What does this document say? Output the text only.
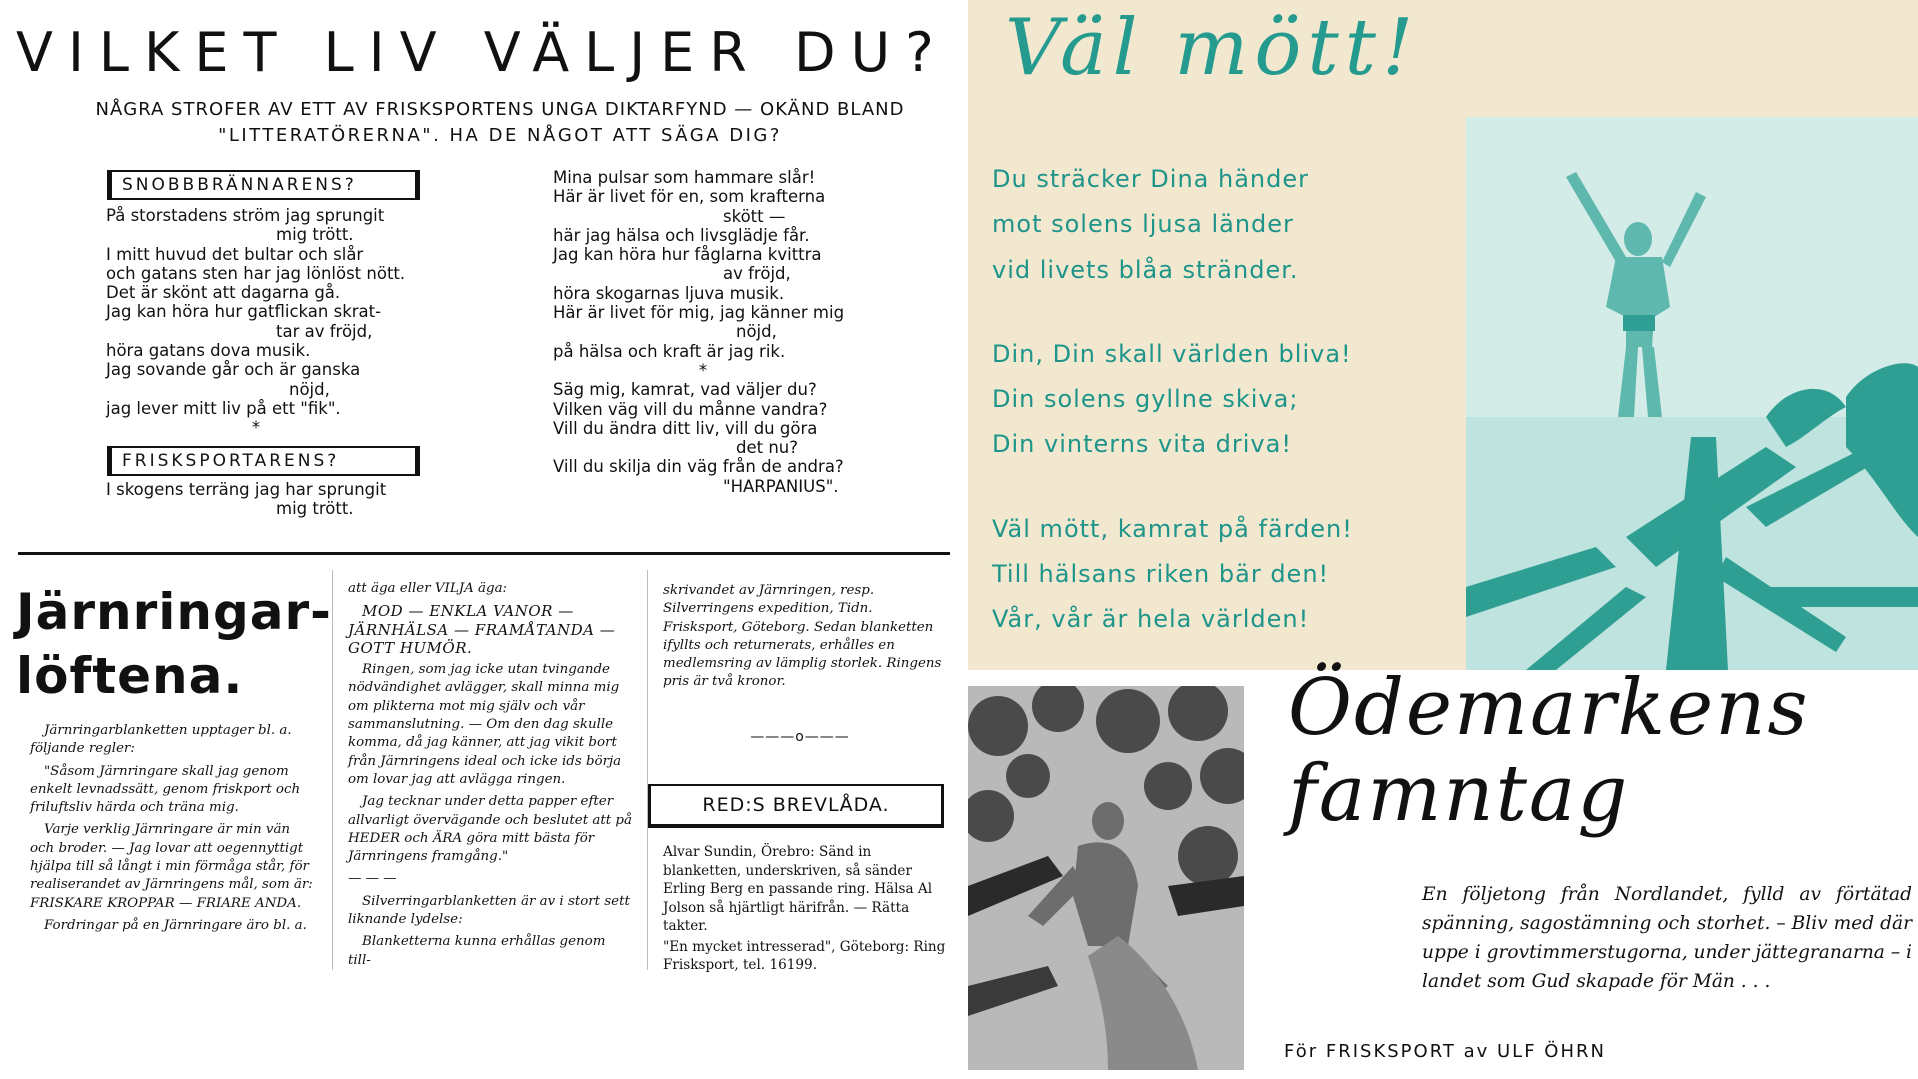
VILKET LIV VÄLJER DU?
NÅGRA STROFER AV ETT AV FRISKSPORTENS UNGA DIKTARFYND — OKÄND BLAND
"LITTERATÖRERNA". HA DE NÅGOT ATT SÄGA DIG?
SNOBBBRÄNNARENS?
På storstadens ström jag sprungit
mig trött.
I mitt huvud det bultar och slår
och gatans sten har jag lönlöst nött.
Det är skönt att dagarna gå.
Jag kan höra hur gatflickan skrat-
tar av fröjd,
höra gatans dova musik.
Jag sovande går och är ganska
nöjd,
jag lever mitt liv på ett "fik".
*
FRISKSPORTARENS?
I skogens terräng jag har sprungit
mig trött.
Mina pulsar som hammare slår!
Här är livet för en, som krafterna
skött —
här jag hälsa och livsglädje får.
Jag kan höra hur fåglarna kvittra
av fröjd,
höra skogarnas ljuva musik.
Här är livet för mig, jag känner mig
nöjd,
på hälsa och kraft är jag rik.
*
Säg mig, kamrat, vad väljer du?
Vilken väg vill du månne vandra?
Vill du ändra ditt liv, vill du göra
det nu?
Vill du skilja din väg från de andra?
"HARPANIUS".
Järnringar-
löftena.

Järnringarblanketten upptager bl. a. följande regler:

"Såsom Järnringare skall jag genom enkelt levnadssätt, genom friskport och friluftsliv härda och träna mig.

Varje verklig Järnringare är min vän och broder. — Jag lovar att oegennyttigt hjälpa till så långt i min förmåga står, för realiserandet av Järnringens mål, som är: FRISKARE KROPPAR — FRIARE ANDA.

Fordringar på en Järnringare äro bl. a.

att äga eller VILJA äga:

MOD — ENKLA VANOR — JÄRNHÄLSA — FRAMÅTANDA — GOTT HUMÖR.

Ringen, som jag icke utan tvingande nödvändighet avlägger, skall minna mig om plikterna mot mig själv och vår sammanslutning. — Om den dag skulle komma, då jag känner, att jag vikit bort från Järnringens ideal och icke ids börja om lovar jag att avlägga ringen.

Jag tecknar under detta papper efter allvarligt övervägande och beslutet att på HEDER och ÄRA göra mitt bästa för Järnringens framgång."

— — —

Silverringarblanketten är av i stort sett liknande lydelse:

Blanketterna kunna erhållas genom till-

skrivandet av Järnringen, resp. Silverringens expedition, Tidn. Frisksport, Göteborg. Sedan blanketten ifyllts och returnerats, erhålles en medlemsring av lämplig storlek. Ringens pris är två kronor.

———o———
RED:S BREVLÅDA.

Alvar Sundin, Örebro: Sänd in blanketten, underskriven, så sänder Erling Berg en passande ring. Hälsa Al Jolson så hjärtligt härifrån. — Rätta takter.

"En mycket intresserad", Göteborg: Ring Frisksport, tel. 16199.

Väl mött!
Du sträcker Dina händer
mot solens ljusa länder
vid livets blåa stränder.
Din, Din skall världen bliva!
Din solens gyllne skiva;
Din vinterns vita driva!
Väl mött, kamrat på färden!
Till hälsans riken bär den!
Vår, vår är hela världen!
Ödemarkens
famntag
En följetong från Nordlandet, fylld av förtätad spänning, sagostämning och storhet. – Bliv med där uppe i grovtimmerstugorna, under jättegranarna – i landet som Gud skapade för Män . . .
För FRISKSPORT av ULF ÖHRN
